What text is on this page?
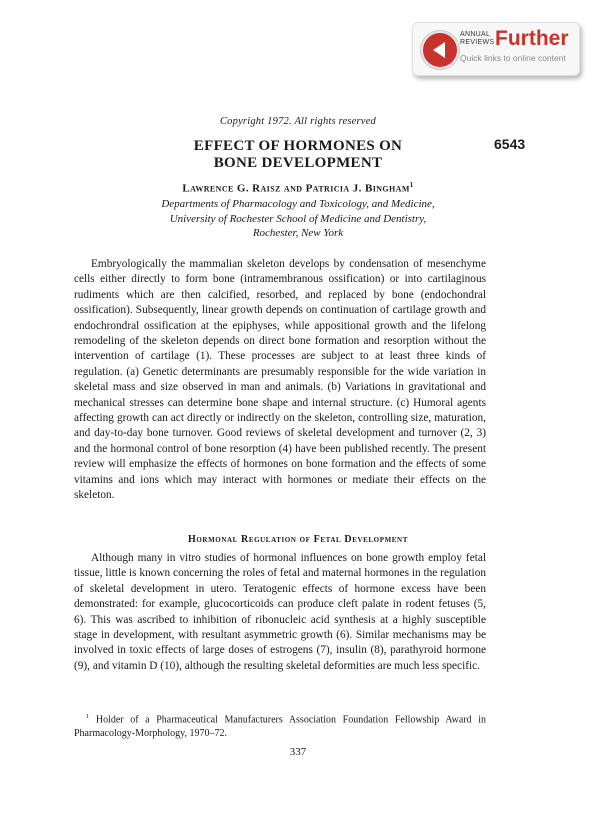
ANNUAL
REVIEWS Further
Quick links to online content
Copyright 1972. All rights reserved
EFFECT OF HORMONES ON
BONE DEVELOPMENT
6543
Lawrence G. Raisz and Patricia J. Bingham$^1$
Departments of Pharmacology and Toxicology, and Medicine,
University of Rochester School of Medicine and Dentistry,
Rochester, New York

Embryologically the mammalian skeleton develops by condensation of mesenchyme cells either directly to form bone (intramembranous ossification) or into cartilaginous rudiments which are then calcified, resorbed, and replaced by bone (endochondral ossification). Subsequently, linear growth depends on continuation of cartilage growth and endochrondral ossification at the epiphyses, while appositional growth and the lifelong remodeling of the skeleton depends on direct bone formation and resorption without the intervention of cartilage (1). These processes are subject to at least three kinds of regulation. (a) Genetic determinants are presumably responsible for the wide variation in skeletal mass and size observed in man and animals. (b) Variations in gravitational and mechanical stresses can determine bone shape and internal structure. (c) Humoral agents affecting growth can act directly or indirectly on the skeleton, controlling size, maturation, and day-to-day bone turnover. Good reviews of skeletal development and turnover (2, 3) and the hormonal control of bone resorption (4) have been published recently. The present review will emphasize the effects of hormones on bone formation and the effects of some vitamins and ions which may interact with hormones or mediate their effects on the skeleton.

Hormonal Regulation of Fetal Development

Although many in vitro studies of hormonal influences on bone growth employ fetal tissue, little is known concerning the roles of fetal and maternal hormones in the regulation of skeletal development in utero. Teratogenic effects of hormone excess have been demonstrated: for example, glucocorticoids can produce cleft palate in rodent fetuses (5, 6). This was ascribed to inhibition of ribonucleic acid synthesis at a highly susceptible stage in development, with resultant asymmetric growth (6). Similar mechanisms may be involved in toxic effects of large doses of estrogens (7), insulin (8), parathyroid hormone (9), and vitamin D (10), although the resulting skeletal deformities are much less specific.

$^1$ Holder of a Pharmaceutical Manufacturers Association Foundation Fellowship Award in Pharmacology-Morphology, 1970–72.

337
